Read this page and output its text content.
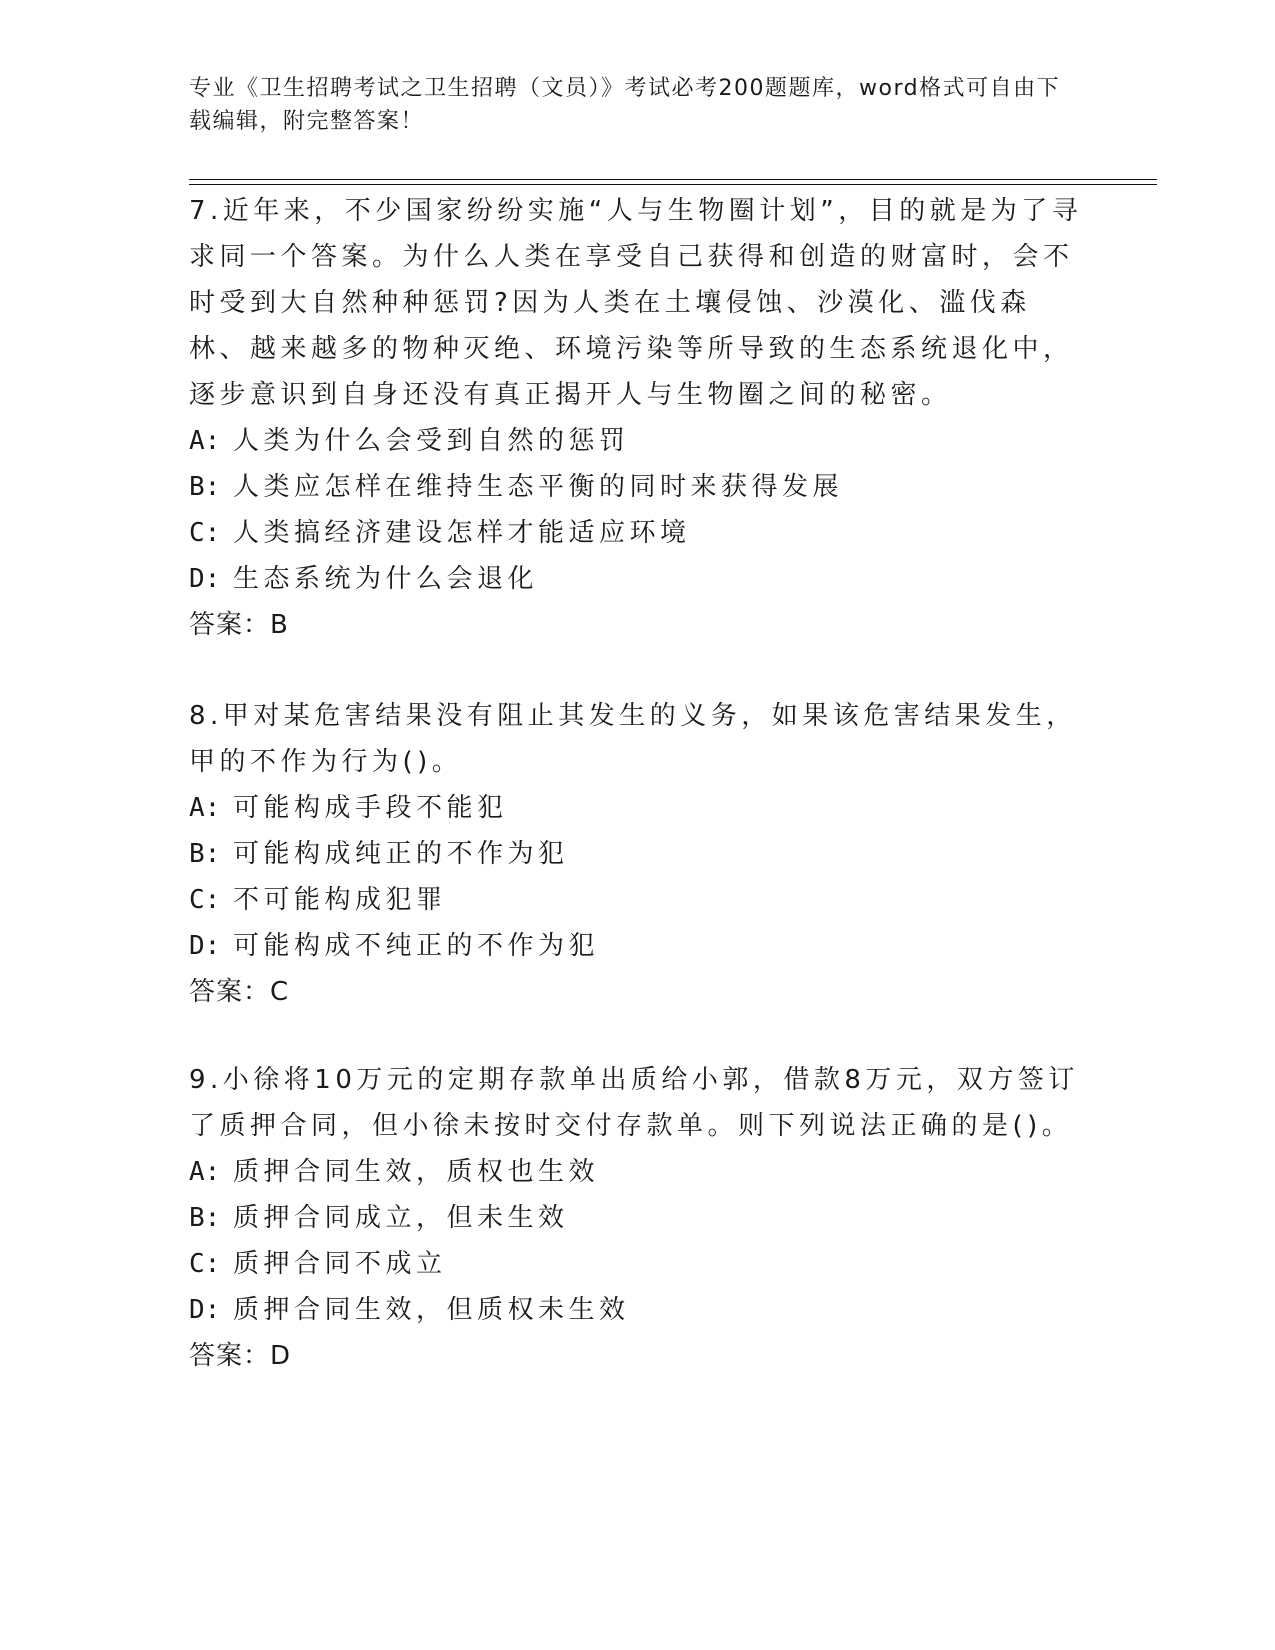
专业《卫生招聘考试之卫生招聘（文员）》考试必考200题题库，word格式可自由下载编辑，附完整答案！

7.近年来，不少国家纷纷实施“人与生物圈计划”，目的就是为了寻求同一个答案。为什么人类在享受自己获得和创造的财富时，会不时受到大自然种种惩罚?因为人类在土壤侵蚀、沙漠化、滥伐森林、越来越多的物种灭绝、环境污染等所导致的生态系统退化中，逐步意识到自身还没有真正揭开人与生物圈之间的秘密。

A: 人类为什么会受到自然的惩罚

B: 人类应怎样在维持生态平衡的同时来获得发展

C: 人类搞经济建设怎样才能适应环境

D: 生态系统为什么会退化

答案：B

8.甲对某危害结果没有阻止其发生的义务，如果该危害结果发生，甲的不作为行为()。

A: 可能构成手段不能犯

B: 可能构成纯正的不作为犯

C: 不可能构成犯罪

D: 可能构成不纯正的不作为犯

答案：C

9.小徐将10万元的定期存款单出质给小郭，借款8万元，双方签订了质押合同，但小徐未按时交付存款单。则下列说法正确的是()。

A: 质押合同生效，质权也生效

B: 质押合同成立，但未生效

C: 质押合同不成立

D: 质押合同生效，但质权未生效

答案：D
